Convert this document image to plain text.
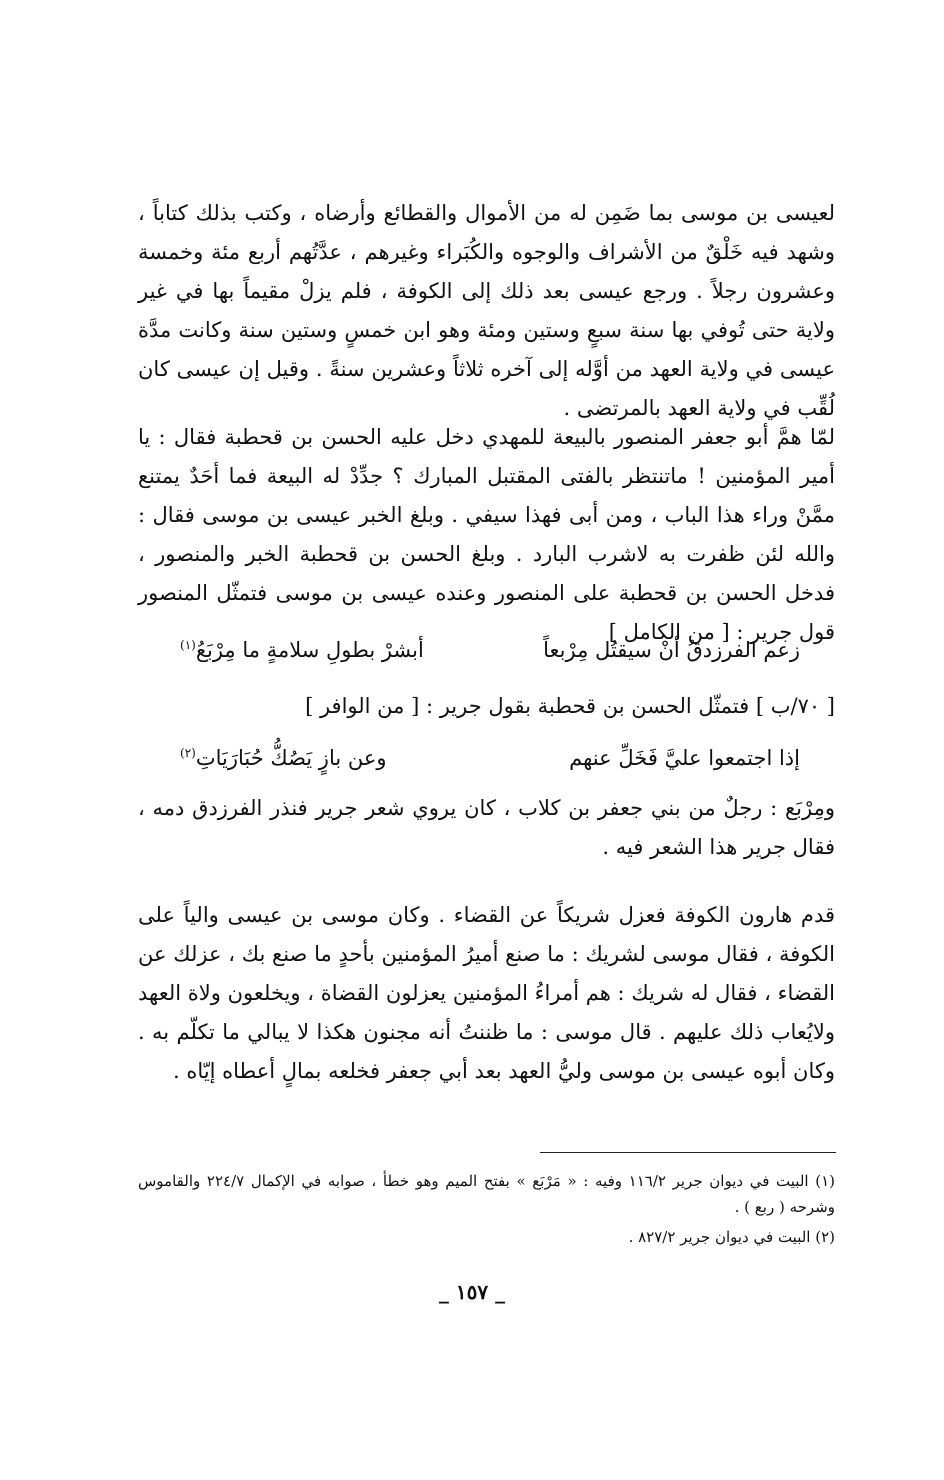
لعيسى بن موسى بما ضَمِن له من الأموال والقطائع وأرضاه ، وكتب بذلك كتاباً ، وشهد فيه خَلْقٌ من الأشراف والوجوه والكُبَراء وغيرهم ، عدَّتُهم أربع مئة وخمسة وعشرون رجلاً . ورجع عيسى بعد ذلك إلى الكوفة ، فلم يزلْ مقيماً بها في غير ولاية حتى تُوفي بها سنة سبعٍ وستين ومئة وهو ابن خمسٍ وستين سنة وكانت مدَّة عيسى في ولاية العهد من أوَّله إلى آخره ثلاثاً وعشرين سنةً . وقيل إن عيسى كان لُقِّب في ولاية العهد بالمرتضى .

لمّا همَّ أبو جعفر المنصور بالبيعة للمهدي دخل عليه الحسن بن قحطبة فقال : يا أمير المؤمنين ! ماتنتظر بالفتى المقتبل المبارك ؟ جدِّدْ له البيعة فما أحَدٌ يمتنع ممَّنْ وراء هذا الباب ، ومن أبى فهذا سيفي . وبلغ الخبر عيسى بن موسى فقال : والله لئن ظفرت به لاشرب البارد . وبلغ الحسن بن قحطبة الخبر والمنصور ، فدخل الحسن بن قحطبة على المنصور وعنده عيسى بن موسى فتمثّل المنصور قول جرير : [ من الكامل ]

زعم الفرزدقُ أنْ سيقتُل مِرْبعاً
أبشرْ بطولِ سلامةٍ ما مِرْبَعُ$^{(١)}$
[ ٧٠/ب ] فتمثّل الحسن بن قحطبة بقول جرير : [ من الوافر ]
إذا اجتمعوا عليَّ فَخَلِّ عنهم
وعن بازٍ يَصُكُّ حُبَارَيَاتِ$^{(٢)}$

ومِرْبَع : رجلٌ من بني جعفر بن كلاب ، كان يروي شعر جرير فنذر الفرزدق دمه ، فقال جرير هذا الشعر فيه .

قدم هارون الكوفة فعزل شريكاً عن القضاء . وكان موسى بن عيسى والياً على الكوفة ، فقال موسى لشريك : ما صنع أميرُ المؤمنين بأحدٍ ما صنع بك ، عزلك عن القضاء ، فقال له شريك : هم أمراءُ المؤمنين يعزلون القضاة ، ويخلعون ولاة العهد ولايُعاب ذلك عليهم . قال موسى : ما ظننتُ أنه مجنون هكذا لا يبالي ما تكلّم به . وكان أبوه عيسى بن موسى وليُّ العهد بعد أبي جعفر فخلعه بمالٍ أعطاه إيّاه .

(١) البيت في ديوان جرير ١١٦/٢ وفيه : « مَرْبَع » بفتح الميم وهو خطأ ، صوابه في الإكمال ٢٢٤/٧ والقاموس وشرحه ( ربع ) .

(٢) البيت في ديوان جرير ٨٢٧/٢ .

_ ١٥٧ _
